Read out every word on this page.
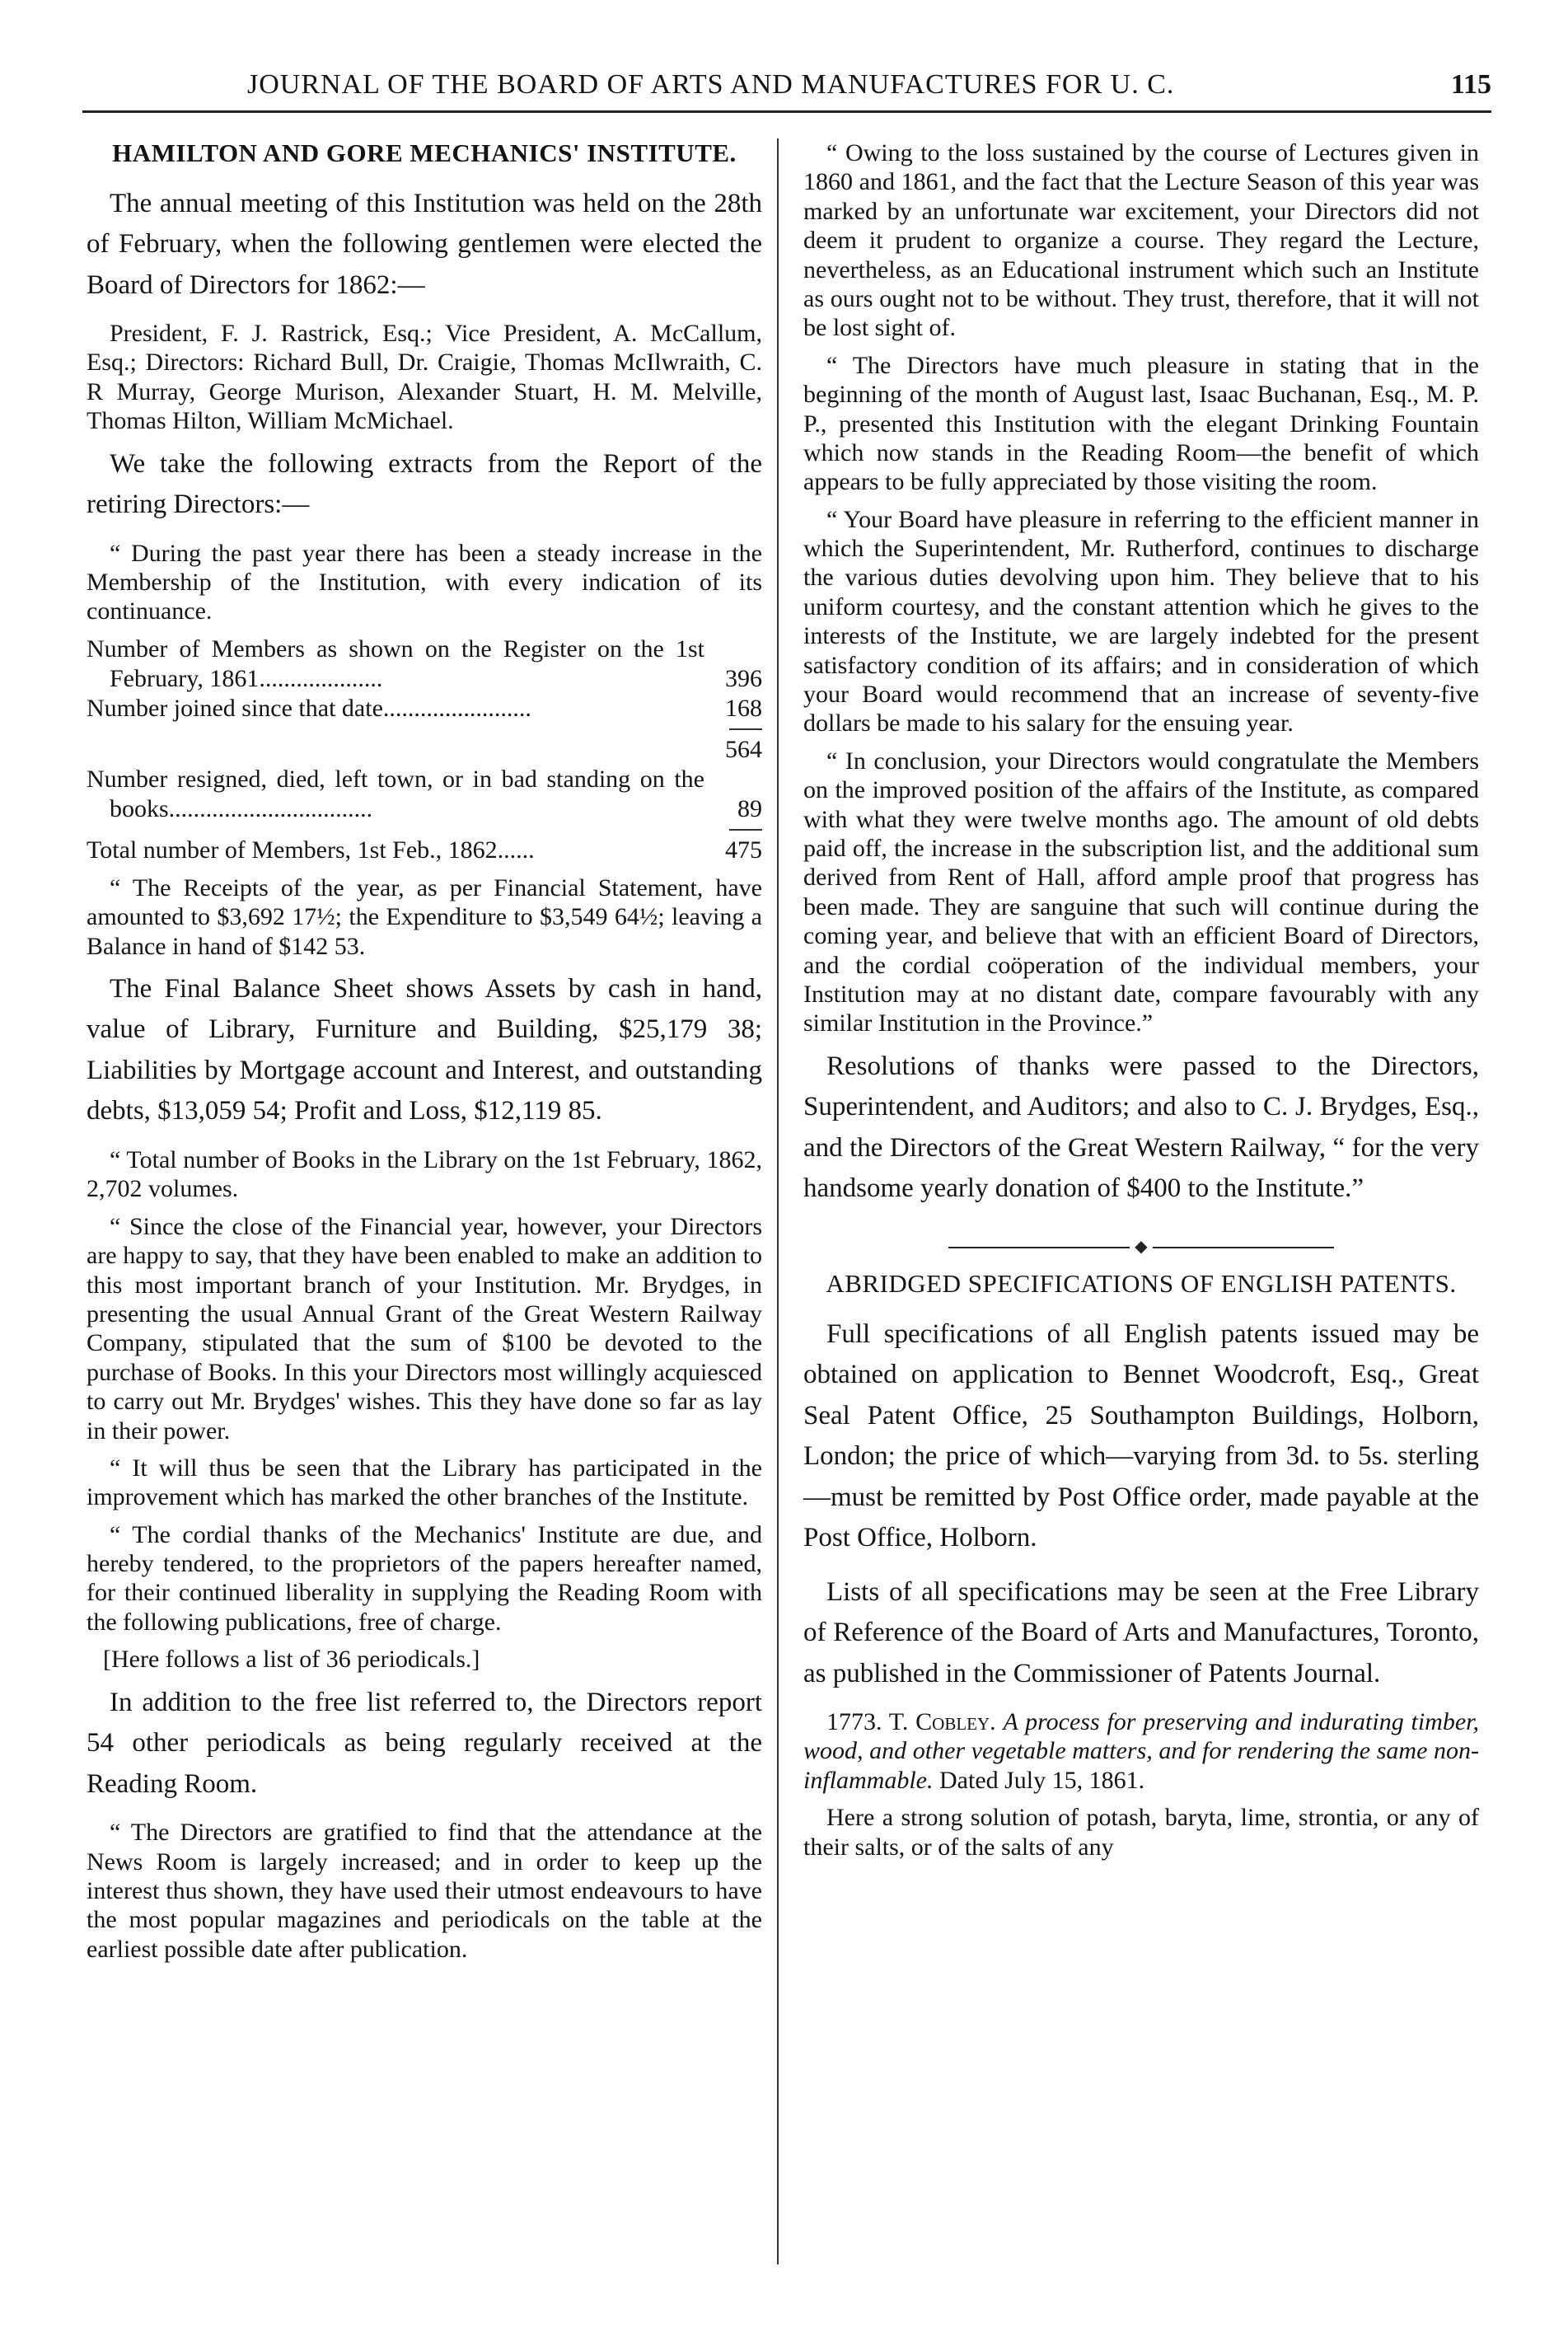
JOURNAL OF THE BOARD OF ARTS AND MANUFACTURES FOR U. C.	115
HAMILTON AND GORE MECHANICS' INSTITUTE.

The annual meeting of this Institution was held on the 28th of February, when the following gentlemen were elected the Board of Directors for 1862:—

President, F. J. Rastrick, Esq.; Vice President, A. McCallum, Esq.; Directors: Richard Bull, Dr. Craigie, Thomas McIlwraith, C. R Murray, George Murison, Alexander Stuart, H. M. Melville, Thomas Hilton, William McMichael.

We take the following extracts from the Report of the retiring Directors:—

“ During the past year there has been a steady increase in the Membership of the Institution, with every indication of its continuance.

Number of Members as shown on the Register on the 1st February, 1861....................	396
Number joined since that date........................	168
564
Number resigned, died, left town, or in bad standing on the books.................................	89
Total number of Members, 1st Feb., 1862......	475

“ The Receipts of the year, as per Financial Statement, have amounted to $3,692 17½; the Expenditure to $3,549 64½; leaving a Balance in hand of $142 53.

The Final Balance Sheet shows Assets by cash in hand, value of Library, Furniture and Building, $25,179 38; Liabilities by Mortgage account and Interest, and outstanding debts, $13,059 54; Profit and Loss, $12,119 85.

“ Total number of Books in the Library on the 1st February, 1862, 2,702 volumes.

“ Since the close of the Financial year, however, your Directors are happy to say, that they have been enabled to make an addition to this most important branch of your Institution. Mr. Brydges, in presenting the usual Annual Grant of the Great Western Railway Company, stipulated that the sum of $100 be devoted to the purchase of Books. In this your Directors most willingly acquiesced to carry out Mr. Brydges' wishes. This they have done so far as lay in their power.

“ It will thus be seen that the Library has participated in the improvement which has marked the other branches of the Institute.

“ The cordial thanks of the Mechanics' Institute are due, and hereby tendered, to the proprietors of the papers hereafter named, for their continued liberality in supplying the Reading Room with the following publications, free of charge.

[Here follows a list of 36 periodicals.]

In addition to the free list referred to, the Directors report 54 other periodicals as being regularly received at the Reading Room.

“ The Directors are gratified to find that the attendance at the News Room is largely increased; and in order to keep up the interest thus shown, they have used their utmost endeavours to have the most popular magazines and periodicals on the table at the earliest possible date after publication.

“ Owing to the loss sustained by the course of Lectures given in 1860 and 1861, and the fact that the Lecture Season of this year was marked by an unfortunate war excitement, your Directors did not deem it prudent to organize a course. They regard the Lecture, nevertheless, as an Educational instrument which such an Institute as ours ought not to be without. They trust, therefore, that it will not be lost sight of.

“ The Directors have much pleasure in stating that in the beginning of the month of August last, Isaac Buchanan, Esq., M. P. P., presented this Institution with the elegant Drinking Fountain which now stands in the Reading Room—the benefit of which appears to be fully appreciated by those visiting the room.

“ Your Board have pleasure in referring to the efficient manner in which the Superintendent, Mr. Rutherford, continues to discharge the various duties devolving upon him. They believe that to his uniform courtesy, and the constant attention which he gives to the interests of the Institute, we are largely indebted for the present satisfactory condition of its affairs; and in consideration of which your Board would recommend that an increase of seventy-five dollars be made to his salary for the ensuing year.

“ In conclusion, your Directors would congratulate the Members on the improved position of the affairs of the Institute, as compared with what they were twelve months ago. The amount of old debts paid off, the increase in the subscription list, and the additional sum derived from Rent of Hall, afford ample proof that progress has been made. They are sanguine that such will continue during the coming year, and believe that with an efficient Board of Directors, and the cordial coöperation of the individual members, your Institution may at no distant date, compare favourably with any similar Institution in the Province.”

Resolutions of thanks were passed to the Directors, Superintendent, and Auditors; and also to C. J. Brydges, Esq., and the Directors of the Great Western Railway, “ for the very handsome yearly donation of $400 to the Institute.”

◆
ABRIDGED SPECIFICATIONS OF ENGLISH PATENTS.

Full specifications of all English patents issued may be obtained on application to Bennet Woodcroft, Esq., Great Seal Patent Office, 25 Southampton Buildings, Holborn, London; the price of which—varying from 3d. to 5s. sterling—must be remitted by Post Office order, made payable at the Post Office, Holborn.

Lists of all specifications may be seen at the Free Library of Reference of the Board of Arts and Manufactures, Toronto, as published in the Commissioner of Patents Journal.

1773. T. Cobley. A process for preserving and indurating timber, wood, and other vegetable matters, and for rendering the same non-inflammable. Dated July 15, 1861.

Here a strong solution of potash, baryta, lime, strontia, or any of their salts, or of the salts of any
